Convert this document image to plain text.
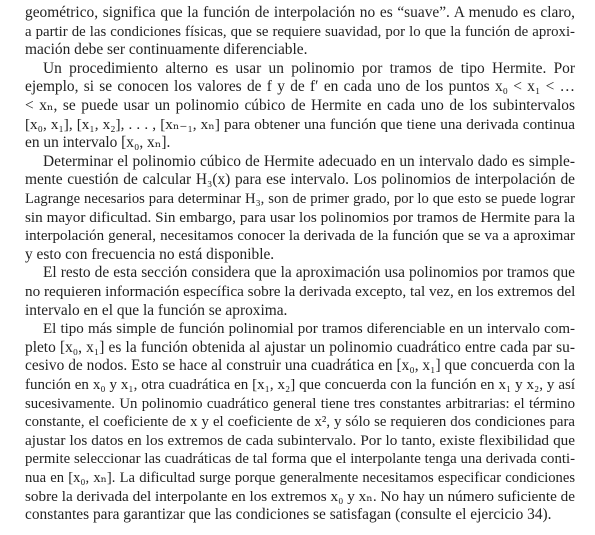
geométrico, significa que la función de interpolación no es “suave”. A menudo es claro,
a partir de las condiciones físicas, que se requiere suavidad, por lo que la función de aproxi-
mación debe ser continuamente diferenciable.
Un procedimiento alterno es usar un polinomio por tramos de tipo Hermite. Por
ejemplo, si se conocen los valores de f y de f′ en cada uno de los puntos x₀ < x₁ < …
< xₙ, se puede usar un polinomio cúbico de Hermite en cada uno de los subintervalos
[x₀, x₁], [x₁, x₂], . . . , [xₙ₋₁, xₙ] para obtener una función que tiene una derivada continua
en un intervalo [x₀, xₙ].
Determinar el polinomio cúbico de Hermite adecuado en un intervalo dado es simple-
mente cuestión de calcular H₃(x) para ese intervalo. Los polinomios de interpolación de
Lagrange necesarios para determinar H₃, son de primer grado, por lo que esto se puede lograr
sin mayor dificultad. Sin embargo, para usar los polinomios por tramos de Hermite para la
interpolación general, necesitamos conocer la derivada de la función que se va a aproximar
y esto con frecuencia no está disponible.
El resto de esta sección considera que la aproximación usa polinomios por tramos que
no requieren información específica sobre la derivada excepto, tal vez, en los extremos del
intervalo en el que la función se aproxima.
El tipo más simple de función polinomial por tramos diferenciable en un intervalo com-
pleto [x₀, x₁] es la función obtenida al ajustar un polinomio cuadrático entre cada par su-
cesivo de nodos. Esto se hace al construir una cuadrática en [x₀, x₁] que concuerda con la
función en x₀ y x₁, otra cuadrática en [x₁, x₂] que concuerda con la función en x₁ y x₂, y así
sucesivamente. Un polinomio cuadrático general tiene tres constantes arbitrarias: el término
constante, el coeficiente de x y el coeficiente de x², y sólo se requieren dos condiciones para
ajustar los datos en los extremos de cada subintervalo. Por lo tanto, existe flexibilidad que
permite seleccionar las cuadráticas de tal forma que el interpolante tenga una derivada conti-
nua en [x₀, xₙ]. La dificultad surge porque generalmente necesitamos especificar condiciones
sobre la derivada del interpolante en los extremos x₀ y xₙ. No hay un número suficiente de
constantes para garantizar que las condiciones se satisfagan (consulte el ejercicio 34).
